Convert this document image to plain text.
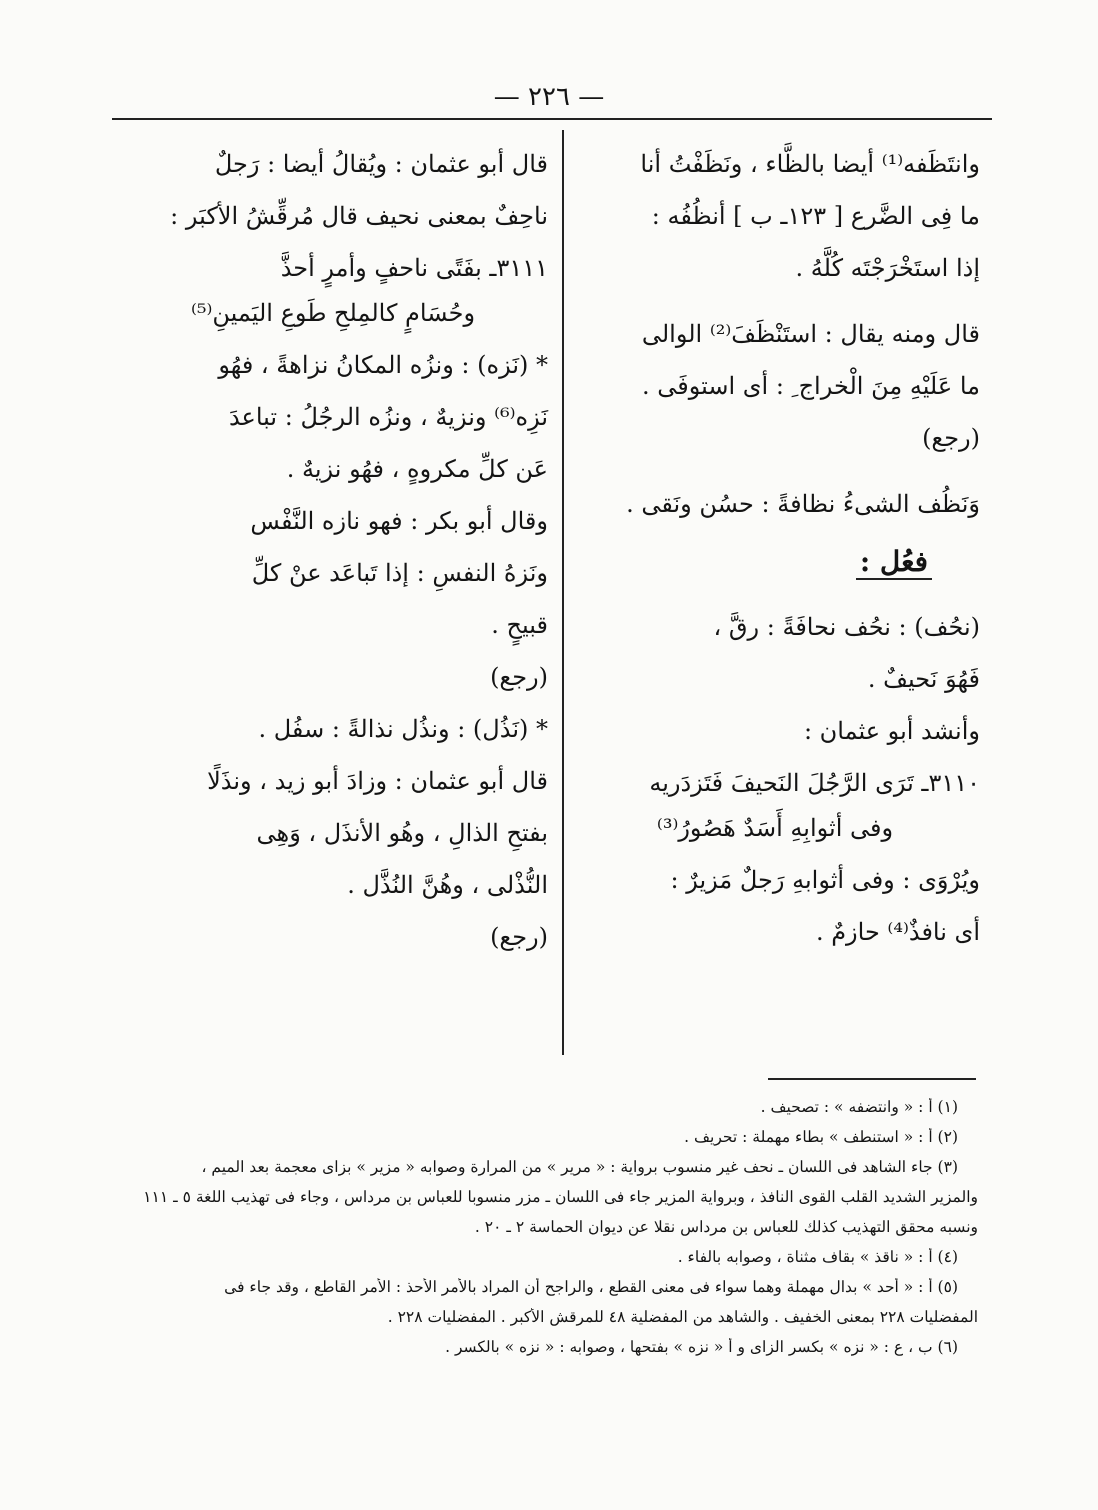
— ٢٢٦ —
وانتَظَفه⁽¹⁾ أيضا بالظَّاء ، ونَظَفْتُ أنا
ما فِى الضَّرع [ ١٢٣ـ ب ] أنظُفُه :
إذا استَخْرَجْتَه كُلَّهُ .
قال ومنه يقال : استَنْظَفَ⁽²⁾ الوالى
ما عَلَيْهِ مِنَ الْخراج ِ : أى استوفَى .
(رجع)
وَنَظُف الشىءُ نظافةً : حسُن ونَقى .
فعُل :
(نحُف) : نحُف نحافَةً : رقَّ ،
فَهُوَ نَحيفٌ .
وأنشد أبو عثمان :
٣١١٠ـ تَرَى الرَّجُلَ النَحيفَ فَتَزدَريه
وفى أثوابِهِ أَسَدٌ هَصُورُ⁽³⁾
ويُرْوَى : وفى أثوابهِ رَجلٌ مَزيرٌ :
أى نافذٌ⁽⁴⁾ حازمٌ .
قال أبو عثمان : ويُقالُ أيضا : رَجلٌ
ناحِفٌ بمعنى نحيف قال مُرقِّشُ الأكبَر :
٣١١١ـ بفَتًى ناحفٍ وأمرٍ أحذَّ
وحُسَامٍ كالمِلحِ طَوعِ اليَمينِ⁽⁵⁾
* (نَزه) : ونزُه المكانُ نزاهةً ، فهُو
نَزِه⁽⁶⁾ ونزيهٌ ، ونزُه الرجُلُ : تباعدَ
عَن كلِّ مكروهٍ ، فهُو نزيهٌ .
وقال أبو بكر : فهو نازه النَّفْس
ونَزهُ النفسِ : إذا تَباعَد عنْ كلِّ
قبيحٍ .
(رجع)
* (نَذُل) : ونذُل نذالةً : سفُل .
قال أبو عثمان : وزادَ أبو زيد ، ونذَلًا
بفتحِ الذالِ ، وهُو الأنذَل ، وَهِى
النُّذْلى ، وهُنَّ النُذَّل .
(رجع)
(١) أ : « وانتضفه » : تصحيف .
(٢) أ : « استنطف » بطاء مهملة : تحريف .
(٣) جاء الشاهد فى اللسان ـ نحف غير منسوب برواية : « مرير » من المرارة وصوابه « مزير » بزاى معجمة بعد الميم ،
والمزير الشديد القلب القوى النافذ ، وبرواية المزير جاء فى اللسان ـ مزر منسوبا للعباس بن مرداس ، وجاء فى تهذيب اللغة ٥ ـ ١١١
ونسبه محقق التهذيب كذلك للعباس بن مرداس نقلا عن ديوان الحماسة ٢ ـ ٢٠ .
(٤) أ : « ناقذ » بقاف مثناة ، وصوابه بالفاء .
(٥) أ : « أحد » بدال مهملة وهما سواء فى معنى القطع ، والراجح أن المراد بالأمر الأحذ : الأمر القاطع ، وقد جاء فى
المفضليات ٢٢٨ بمعنى الخفيف . والشاهد من المفضلية ٤٨ للمرقش الأكبر . المفضليات ٢٢٨ .
(٦) ب ، ع : « نزه » بكسر الزاى و أ « نزه » بفتحها ، وصوابه : « نزه » بالكسر .
